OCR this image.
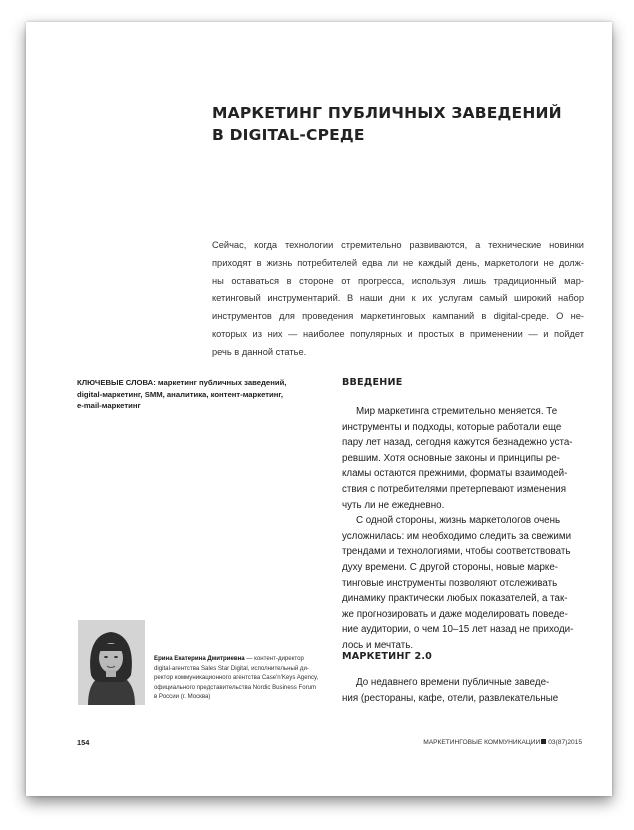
МАРКЕТИНГ ПУБЛИЧНЫХ ЗАВЕДЕНИЙ
В DIGITAL-СРЕДЕ
Сейчас, когда технологии стремительно развиваются, а технические новинки
приходят в жизнь потребителей едва ли не каждый день, маркетологи не долж-
ны оставаться в стороне от прогресса, используя лишь традиционный мар-
кетинговый инструментарий. В наши дни к их услугам самый широкий набор
инструментов для проведения маркетинговых кампаний в digital-среде. О не-
которых из них — наиболее популярных и простых в применении — и пойдет
речь в данной статье.
КЛЮЧЕВЫЕ СЛОВА: маркетинг публичных заведений,
digital-маркетинг, SMM, аналитика, контент-маркетинг,
e-mail-маркетинг
ВВЕДЕНИЕ
Мир маркетинга стремительно меняется. Те
инструменты и подходы, которые работали еще
пару лет назад, сегодня кажутся безнадежно уста-
ревшим. Хотя основные законы и принципы ре-
кламы остаются прежними, форматы взаимодей-
ствия с потребителями претерпевают изменения
чуть ли не ежедневно.
С одной стороны, жизнь маркетологов очень
усложнилась: им необходимо следить за свежими
трендами и технологиями, чтобы соответствовать
духу времени. С другой стороны, новые марке-
тинговые инструменты позволяют отслеживать
динамику практически любых показателей, а так-
же прогнозировать и даже моделировать поведе-
ние аудитории, о чем 10–15 лет назад не приходи-
лось и мечтать.
МАРКЕТИНГ 2.0
До недавнего времени публичные заведе-
ния (рестораны, кафе, отели, развлекательные
Ерина Екатерина Дмитриевна — контент-директор
digital-агентства Sales Star Digital, исполнительный ди-
ректор коммуникационного агентства Case'n'Keys Agency,
официального представительства Nordic Business Forum
в России (г. Москва)
154	МАРКЕТИНГОВЫЕ КОММУНИКАЦИИ 03(87)2015
